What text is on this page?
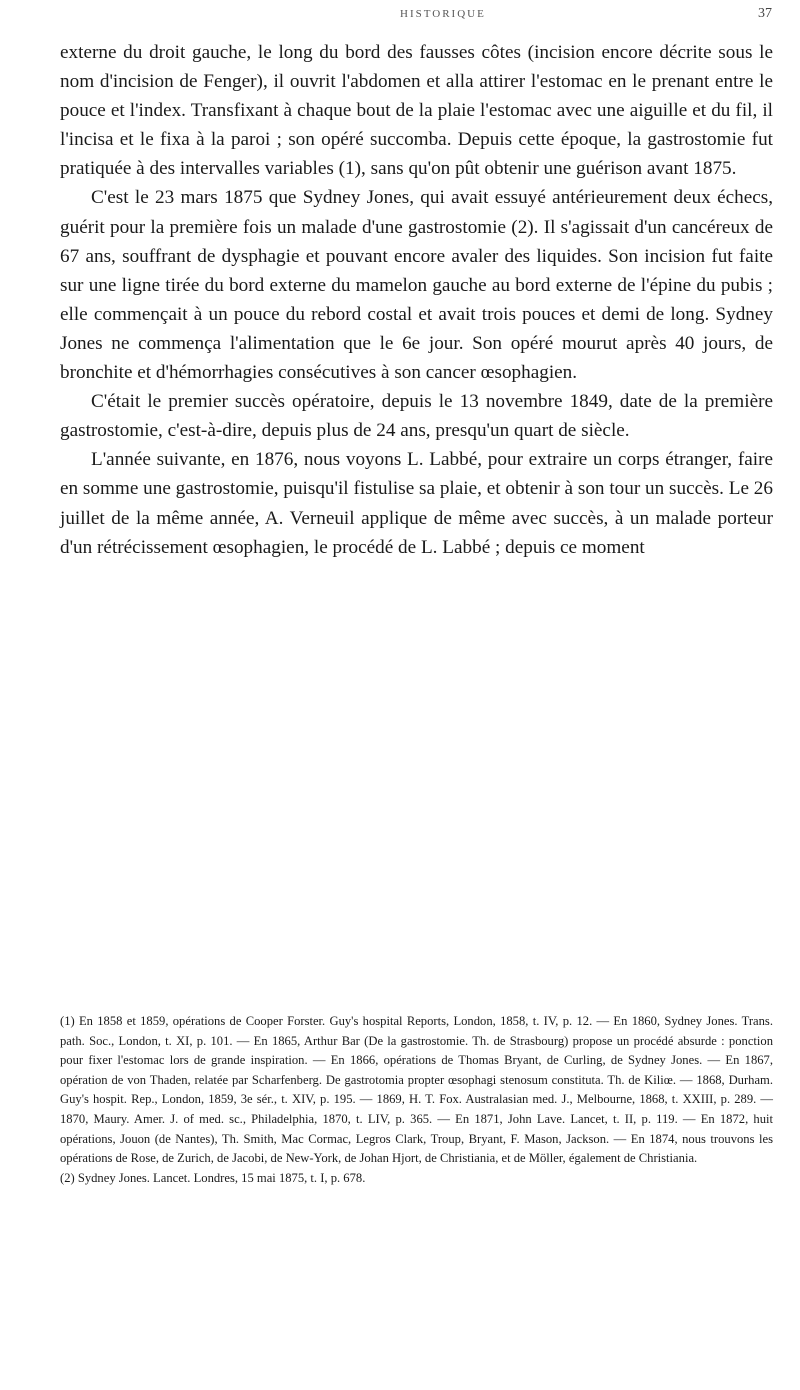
HISTORIQUE	37

externe du droit gauche, le long du bord des fausses côtes (incision encore décrite sous le nom d'incision de Fenger), il ouvrit l'abdomen et alla attirer l'estomac en le prenant entre le pouce et l'index. Transfixant à chaque bout de la plaie l'estomac avec une aiguille et du fil, il l'incisa et le fixa à la paroi ; son opéré succomba. Depuis cette époque, la gastrostomie fut pratiquée à des intervalles variables (1), sans qu'on pût obtenir une guérison avant 1875.

C'est le 23 mars 1875 que Sydney Jones, qui avait essuyé antérieurement deux échecs, guérit pour la première fois un malade d'une gastrostomie (2). Il s'agissait d'un cancéreux de 67 ans, souffrant de dysphagie et pouvant encore avaler des liquides. Son incision fut faite sur une ligne tirée du bord externe du mamelon gauche au bord externe de l'épine du pubis ; elle commençait à un pouce du rebord costal et avait trois pouces et demi de long. Sydney Jones ne commença l'alimentation que le 6e jour. Son opéré mourut après 40 jours, de bronchite et d'hémorrhagies consécutives à son cancer œsophagien.

C'était le premier succès opératoire, depuis le 13 novembre 1849, date de la première gastrostomie, c'est-à-dire, depuis plus de 24 ans, presqu'un quart de siècle.

L'année suivante, en 1876, nous voyons L. Labbé, pour extraire un corps étranger, faire en somme une gastrostomie, puisqu'il fistulise sa plaie, et obtenir à son tour un succès. Le 26 juillet de la même année, A. Verneuil applique de même avec succès, à un malade porteur d'un rétrécissement œsophagien, le procédé de L. Labbé ; depuis ce moment

(1) En 1858 et 1859, opérations de Cooper Forster. Guy's hospital Reports, London, 1858, t. IV, p. 12. — En 1860, Sydney Jones. Trans. path. Soc., London, t. XI, p. 101. — En 1865, Arthur Bar (De la gastrostomie. Th. de Strasbourg) propose un procédé absurde : ponction pour fixer l'estomac lors de grande inspiration. — En 1866, opérations de Thomas Bryant, de Curling, de Sydney Jones. — En 1867, opération de von Thaden, relatée par Scharfenberg. De gastrotomia propter œsophagi stenosum constituta. Th. de Kiliœ. — 1868, Durham. Guy's hospit. Rep., London, 1859, 3e sér., t. XIV, p. 195. — 1869, H. T. Fox. Australasian med. J., Melbourne, 1868, t. XXIII, p. 289. — 1870, Maury. Amer. J. of med. sc., Philadelphia, 1870, t. LIV, p. 365. — En 1871, John Lave. Lancet, t. II, p. 119. — En 1872, huit opérations, Jouon (de Nantes), Th. Smith, Mac Cormac, Legros Clark, Troup, Bryant, F. Mason, Jackson. — En 1874, nous trouvons les opérations de Rose, de Zurich, de Jacobi, de New-York, de Johan Hjort, de Christiania, et de Möller, également de Christiania.

(2) Sydney Jones. Lancet. Londres, 15 mai 1875, t. I, p. 678.
